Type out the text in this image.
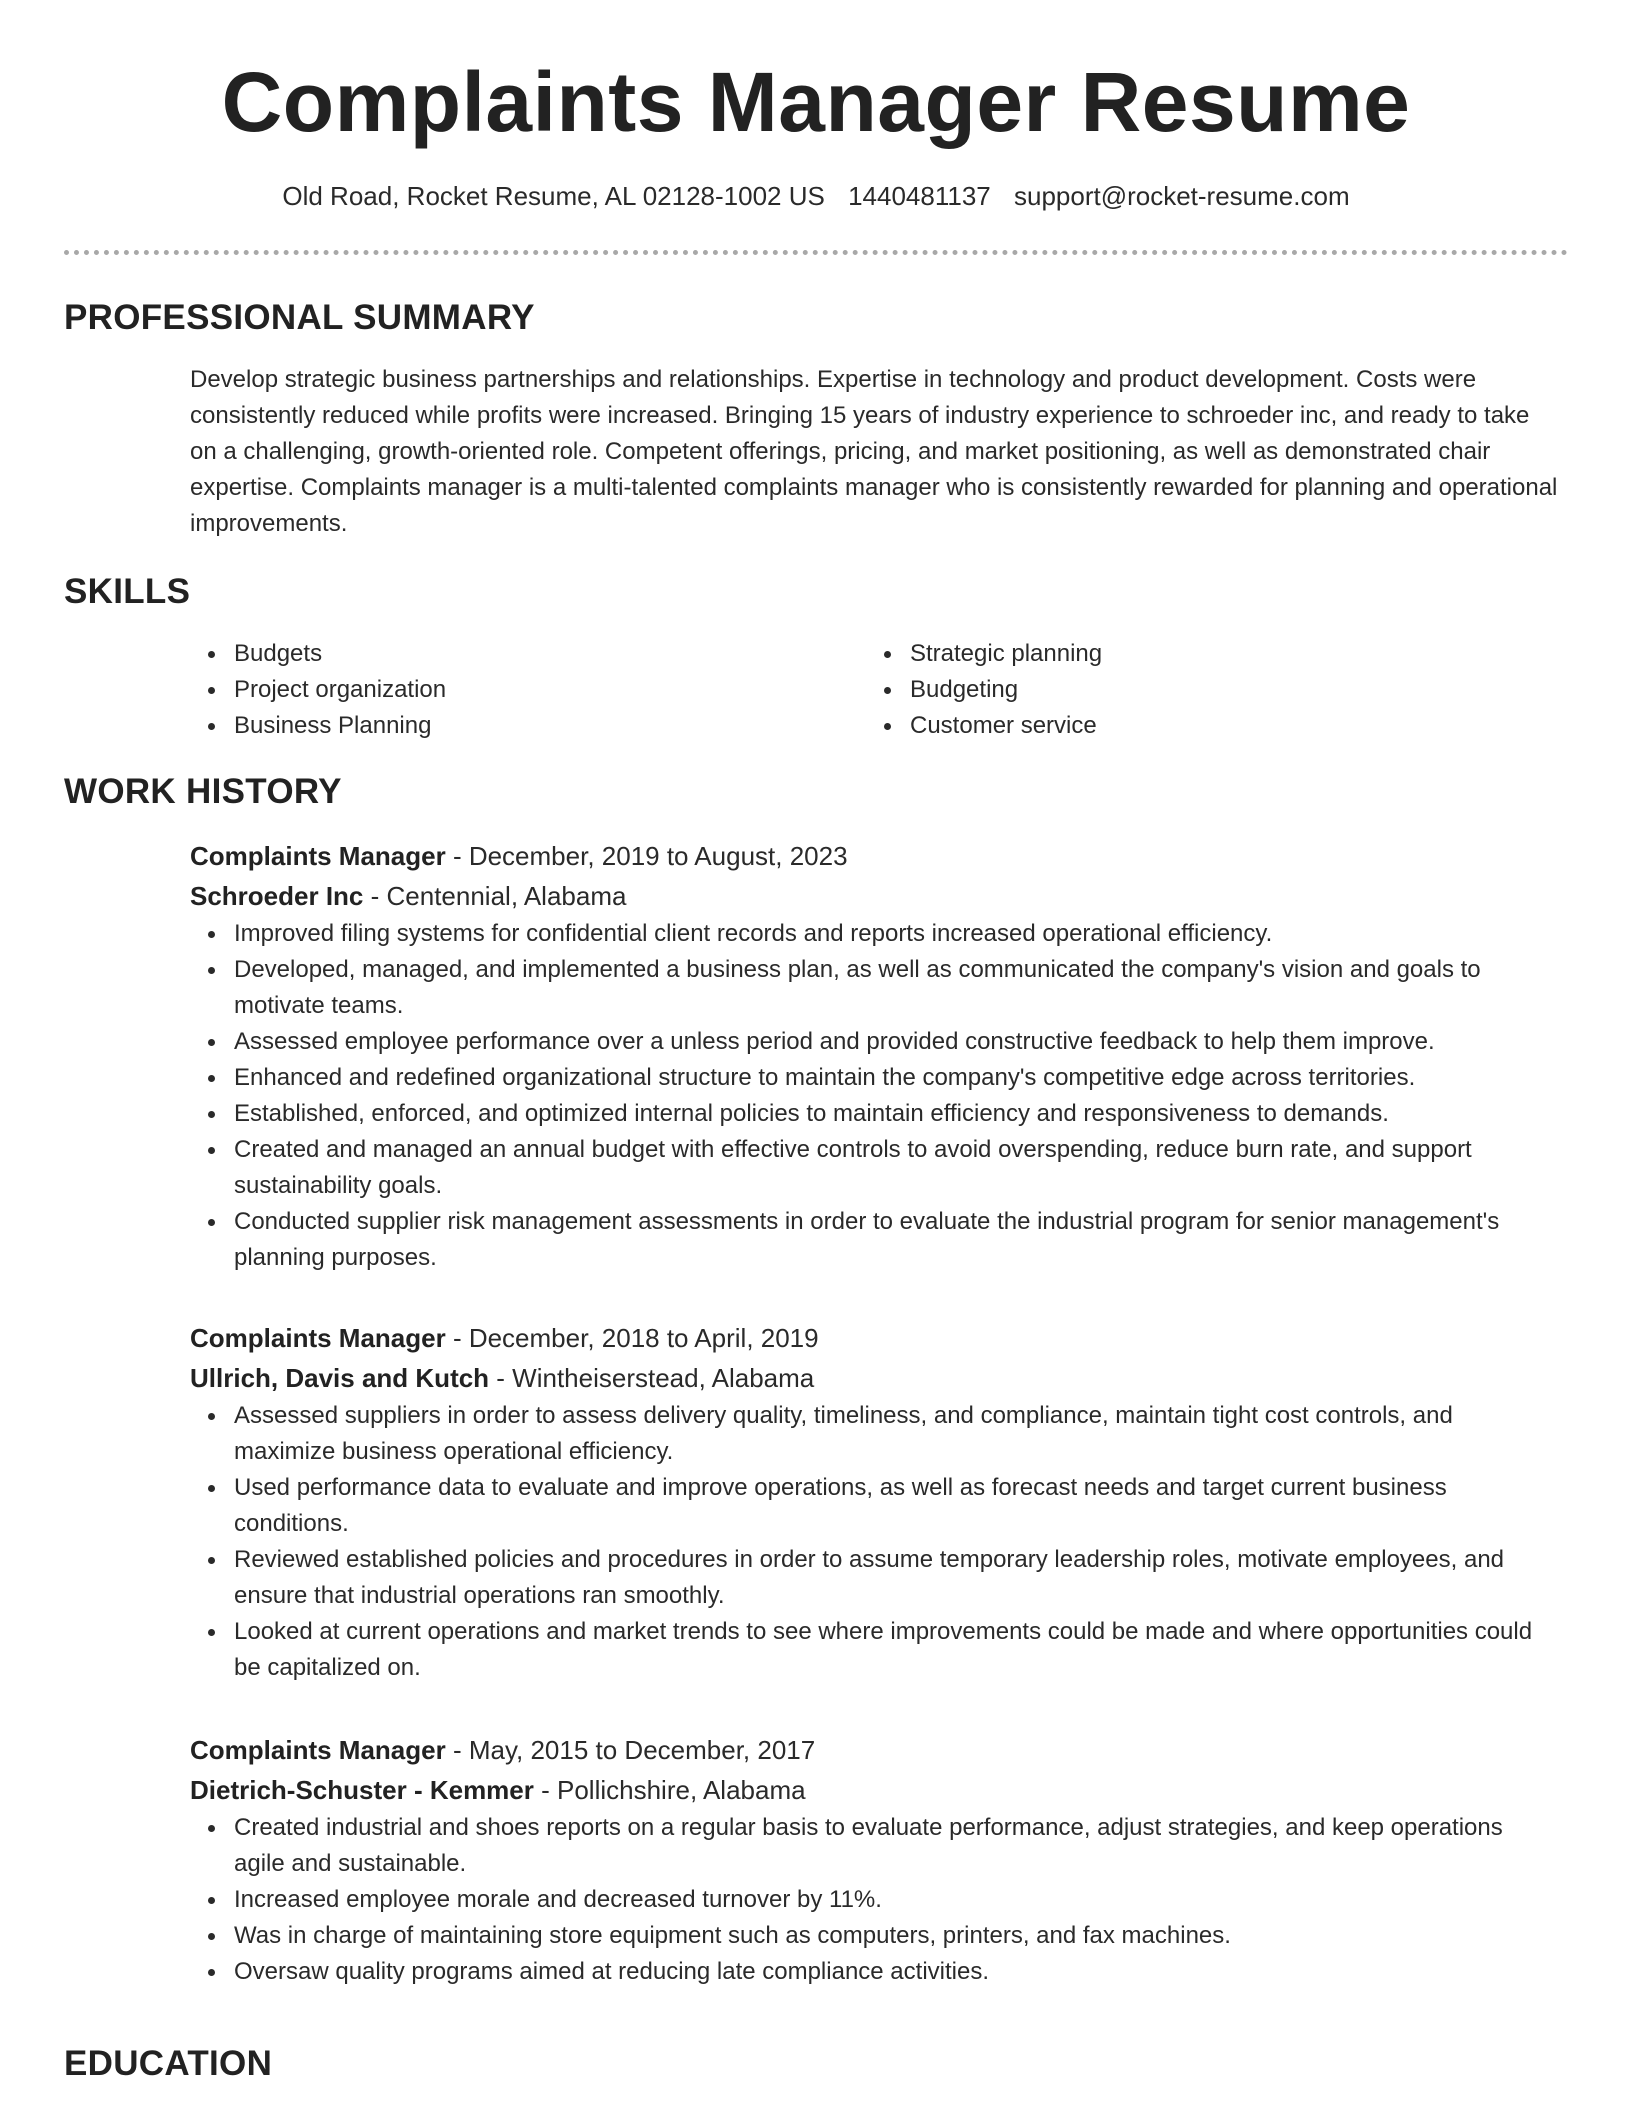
Complaints Manager Resume
Old Road, Rocket Resume, AL 02128-1002 US 1440481137 support@rocket-resume.com
PROFESSIONAL SUMMARY

Develop strategic business partnerships and relationships. Expertise in technology and product development. Costs were consistently reduced while profits were increased. Bringing 15 years of industry experience to schroeder inc, and ready to take on a challenging, growth-oriented role. Competent offerings, pricing, and market positioning, as well as demonstrated chair expertise. Complaints manager is a multi-talented complaints manager who is consistently rewarded for planning and operational improvements.

SKILLS
Budgets
Project organization
Business Planning
Strategic planning
Budgeting
Customer service
WORK HISTORY
Complaints Manager - December, 2019 to August, 2023
Schroeder Inc - Centennial, Alabama
Improved filing systems for confidential client records and reports increased operational efficiency.
Developed, managed, and implemented a business plan, as well as communicated the company's vision and goals to motivate teams.
Assessed employee performance over a unless period and provided constructive feedback to help them improve.
Enhanced and redefined organizational structure to maintain the company's competitive edge across territories.
Established, enforced, and optimized internal policies to maintain efficiency and responsiveness to demands.
Created and managed an annual budget with effective controls to avoid overspending, reduce burn rate, and support sustainability goals.
Conducted supplier risk management assessments in order to evaluate the industrial program for senior management's planning purposes.
Complaints Manager - December, 2018 to April, 2019
Ullrich, Davis and Kutch - Wintheiserstead, Alabama
Assessed suppliers in order to assess delivery quality, timeliness, and compliance, maintain tight cost controls, and maximize business operational efficiency.
Used performance data to evaluate and improve operations, as well as forecast needs and target current business conditions.
Reviewed established policies and procedures in order to assume temporary leadership roles, motivate employees, and ensure that industrial operations ran smoothly.
Looked at current operations and market trends to see where improvements could be made and where opportunities could be capitalized on.
Complaints Manager - May, 2015 to December, 2017
Dietrich-Schuster - Kemmer - Pollichshire, Alabama
Created industrial and shoes reports on a regular basis to evaluate performance, adjust strategies, and keep operations agile and sustainable.
Increased employee morale and decreased turnover by 11%.
Was in charge of maintaining store equipment such as computers, printers, and fax machines.
Oversaw quality programs aimed at reducing late compliance activities.
EDUCATION
